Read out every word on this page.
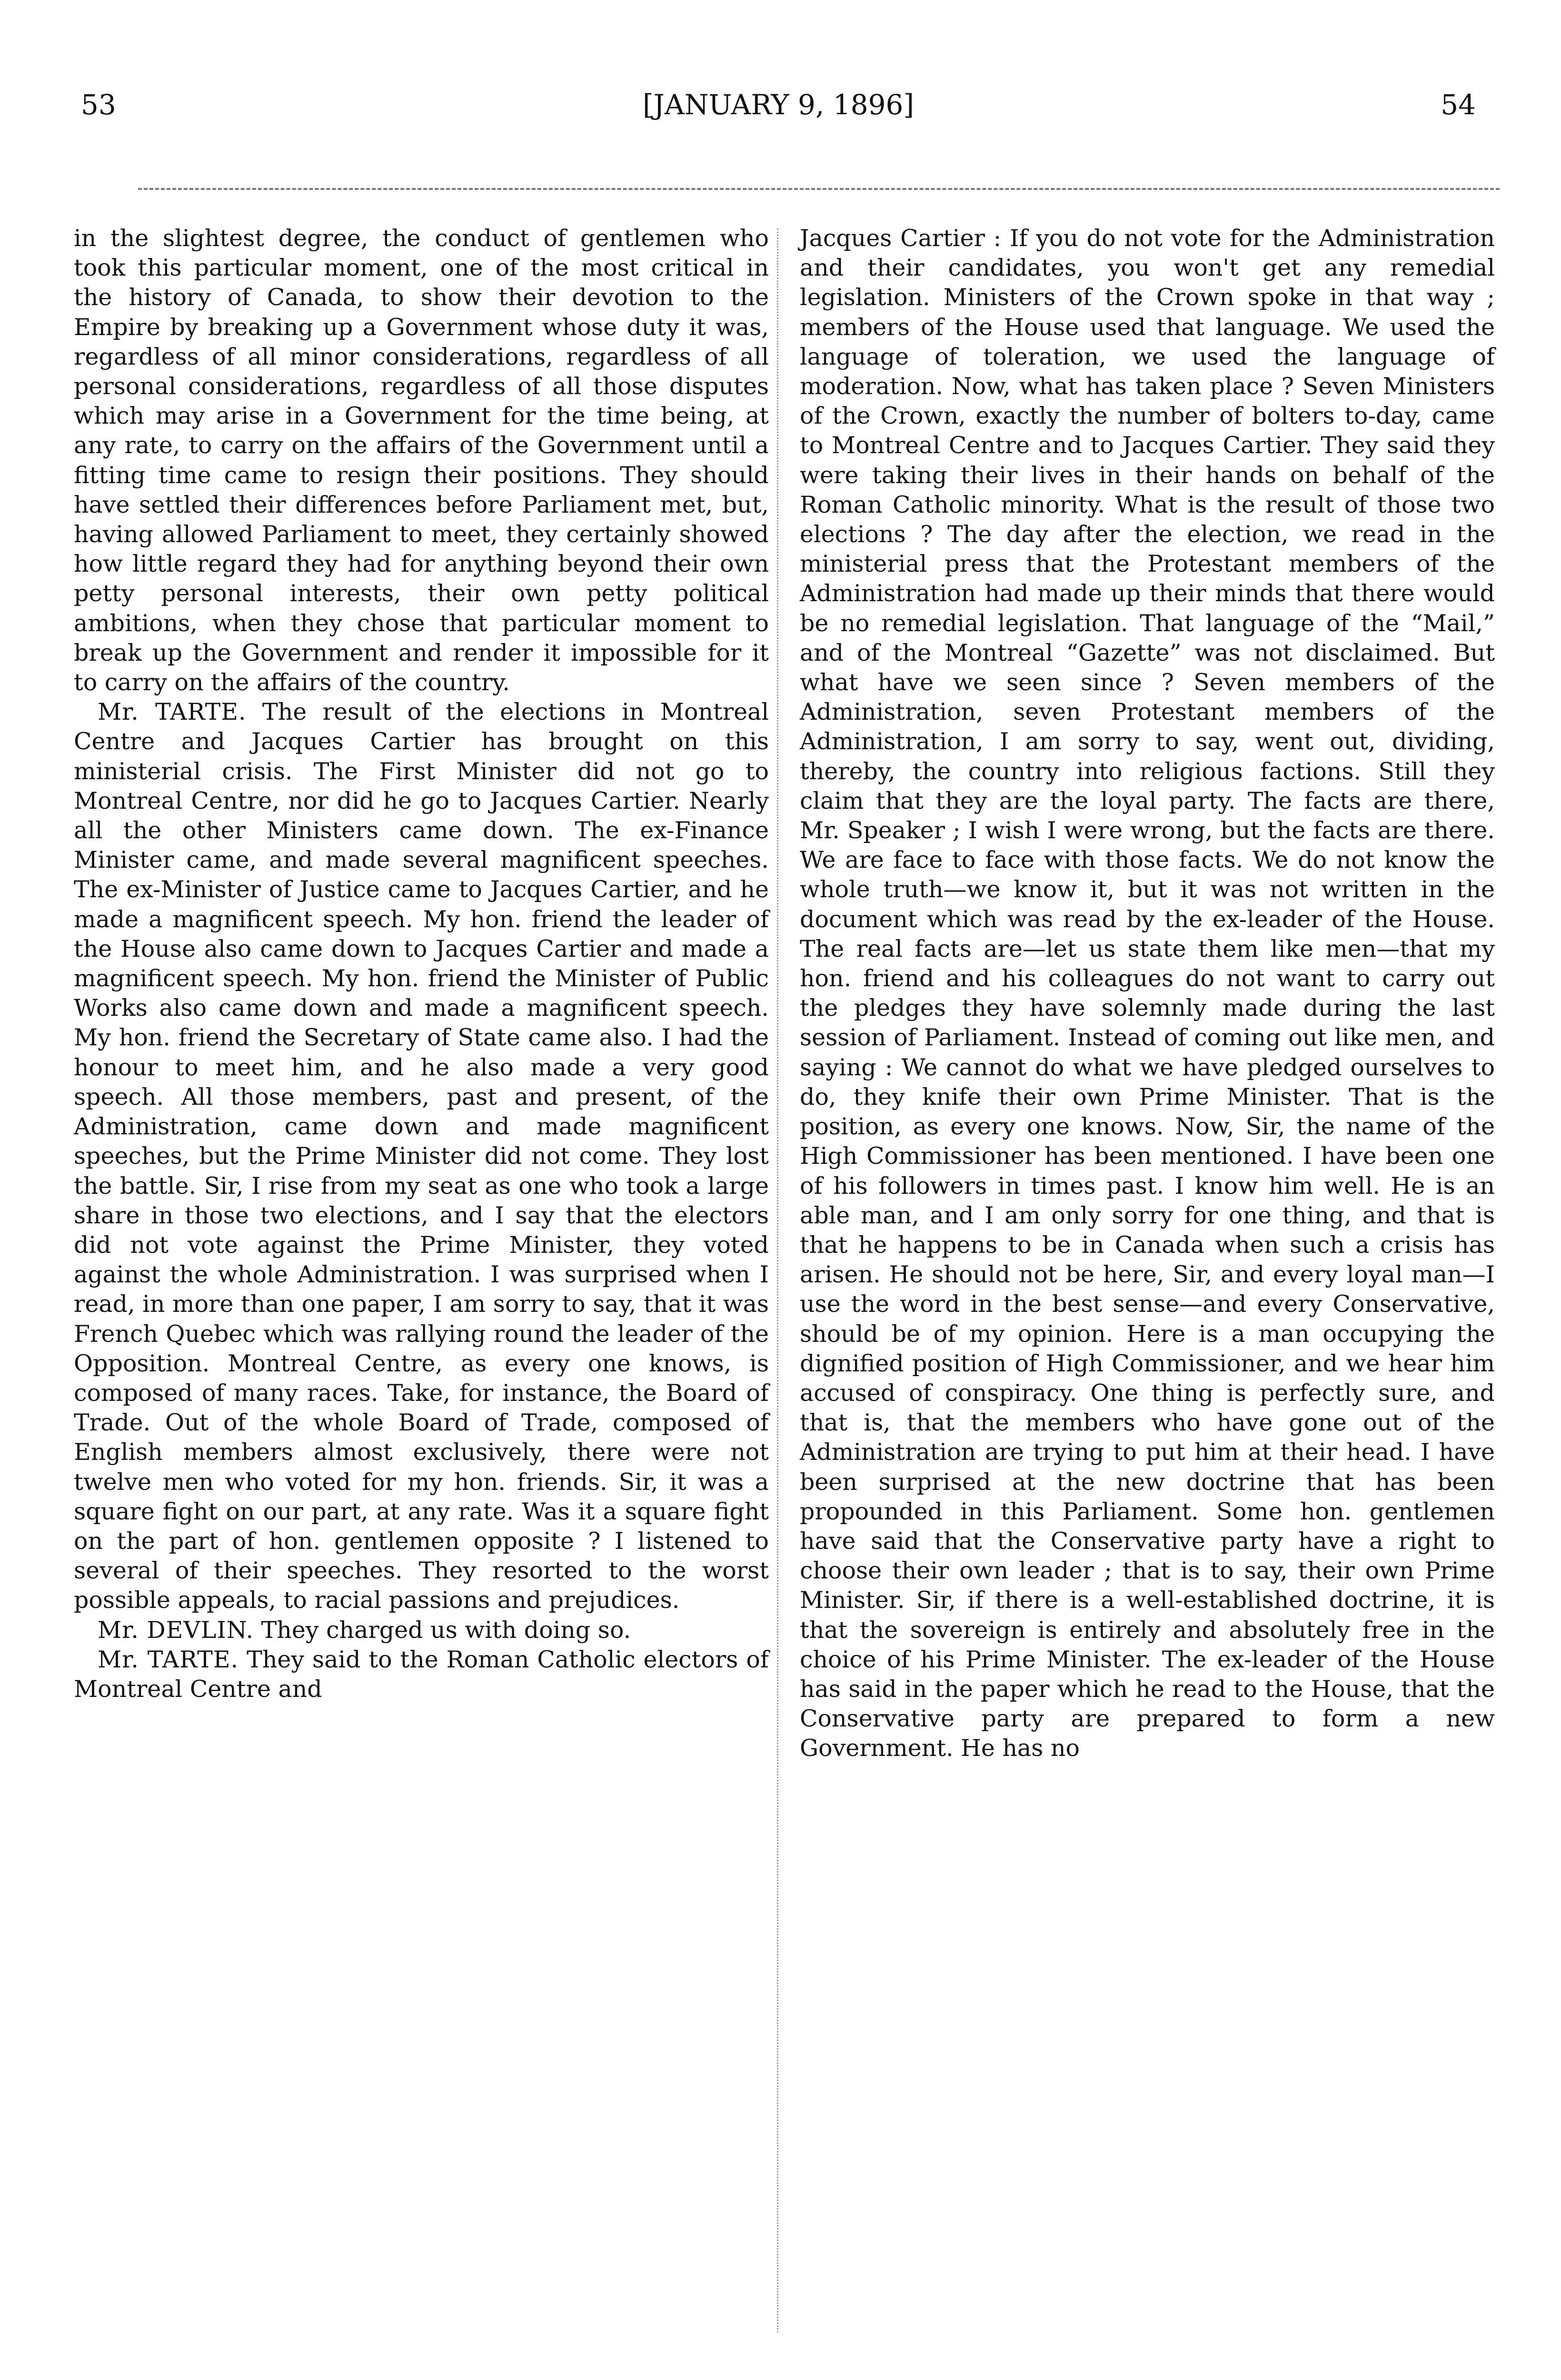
53	[JANUARY 9, 1896]	54

in the slightest degree, the conduct of gentlemen who took this particular moment, one of the most critical in the history of Canada, to show their devotion to the Empire by breaking up a Government whose duty it was, regardless of all minor considerations, regardless of all personal considerations, regardless of all those disputes which may arise in a Government for the time being, at any rate, to carry on the affairs of the Government until a fitting time came to resign their positions. They should have settled their differences before Parliament met, but, having allowed Parliament to meet, they certainly showed how little regard they had for anything beyond their own petty personal interests, their own petty political ambitions, when they chose that particular moment to break up the Government and render it impossible for it to carry on the affairs of the country.

Mr. TARTE. The result of the elections in Montreal Centre and Jacques Cartier has brought on this ministerial crisis. The First Minister did not go to Montreal Centre, nor did he go to Jacques Cartier. Nearly all the other Ministers came down. The ex-Finance Minister came, and made several magnificent speeches. The ex-Minister of Justice came to Jacques Cartier, and he made a magnificent speech. My hon. friend the leader of the House also came down to Jacques Cartier and made a magnificent speech. My hon. friend the Minister of Public Works also came down and made a magnificent speech. My hon. friend the Secretary of State came also. I had the honour to meet him, and he also made a very good speech. All those members, past and present, of the Administration, came down and made magnificent speeches, but the Prime Minister did not come. They lost the battle. Sir, I rise from my seat as one who took a large share in those two elections, and I say that the electors did not vote against the Prime Minister, they voted against the whole Administration. I was surprised when I read, in more than one paper, I am sorry to say, that it was French Quebec which was rallying round the leader of the Opposition. Montreal Centre, as every one knows, is composed of many races. Take, for instance, the Board of Trade. Out of the whole Board of Trade, composed of English members almost exclusively, there were not twelve men who voted for my hon. friends. Sir, it was a square fight on our part, at any rate. Was it a square fight on the part of hon. gentlemen opposite ? I listened to several of their speeches. They resorted to the worst possible appeals, to racial passions and prejudices.

Mr. DEVLIN. They charged us with doing so.

Mr. TARTE. They said to the Roman Catholic electors of Montreal Centre and

Jacques Cartier : If you do not vote for the Administration and their candidates, you won't get any remedial legislation. Ministers of the Crown spoke in that way ; members of the House used that language. We used the language of toleration, we used the language of moderation. Now, what has taken place ? Seven Ministers of the Crown, exactly the number of bolters to-day, came to Montreal Centre and to Jacques Cartier. They said they were taking their lives in their hands on behalf of the Roman Catholic minority. What is the result of those two elections ? The day after the election, we read in the ministerial press that the Protestant members of the Administration had made up their minds that there would be no remedial legislation. That language of the “Mail,” and of the Montreal “Gazette” was not disclaimed. But what have we seen since ? Seven members of the Administration, seven Protestant members of the Administration, I am sorry to say, went out, dividing, thereby, the country into religious factions. Still they claim that they are the loyal party. The facts are there, Mr. Speaker ; I wish I were wrong, but the facts are there. We are face to face with those facts. We do not know the whole truth—we know it, but it was not written in the document which was read by the ex-leader of the House. The real facts are—let us state them like men—that my hon. friend and his colleagues do not want to carry out the pledges they have solemnly made during the last session of Parliament. Instead of coming out like men, and saying : We cannot do what we have pledged ourselves to do, they knife their own Prime Minister. That is the position, as every one knows. Now, Sir, the name of the High Commissioner has been mentioned. I have been one of his followers in times past. I know him well. He is an able man, and I am only sorry for one thing, and that is that he happens to be in Canada when such a crisis has arisen. He should not be here, Sir, and every loyal man—I use the word in the best sense—and every Conservative, should be of my opinion. Here is a man occupying the dignified position of High Commissioner, and we hear him accused of conspiracy. One thing is perfectly sure, and that is, that the members who have gone out of the Administration are trying to put him at their head. I have been surprised at the new doctrine that has been propounded in this Parliament. Some hon. gentlemen have said that the Conservative party have a right to choose their own leader ; that is to say, their own Prime Minister. Sir, if there is a well-established doctrine, it is that the sovereign is entirely and absolutely free in the choice of his Prime Minister. The ex-leader of the House has said in the paper which he read to the House, that the Conservative party are prepared to form a new Government. He has no
